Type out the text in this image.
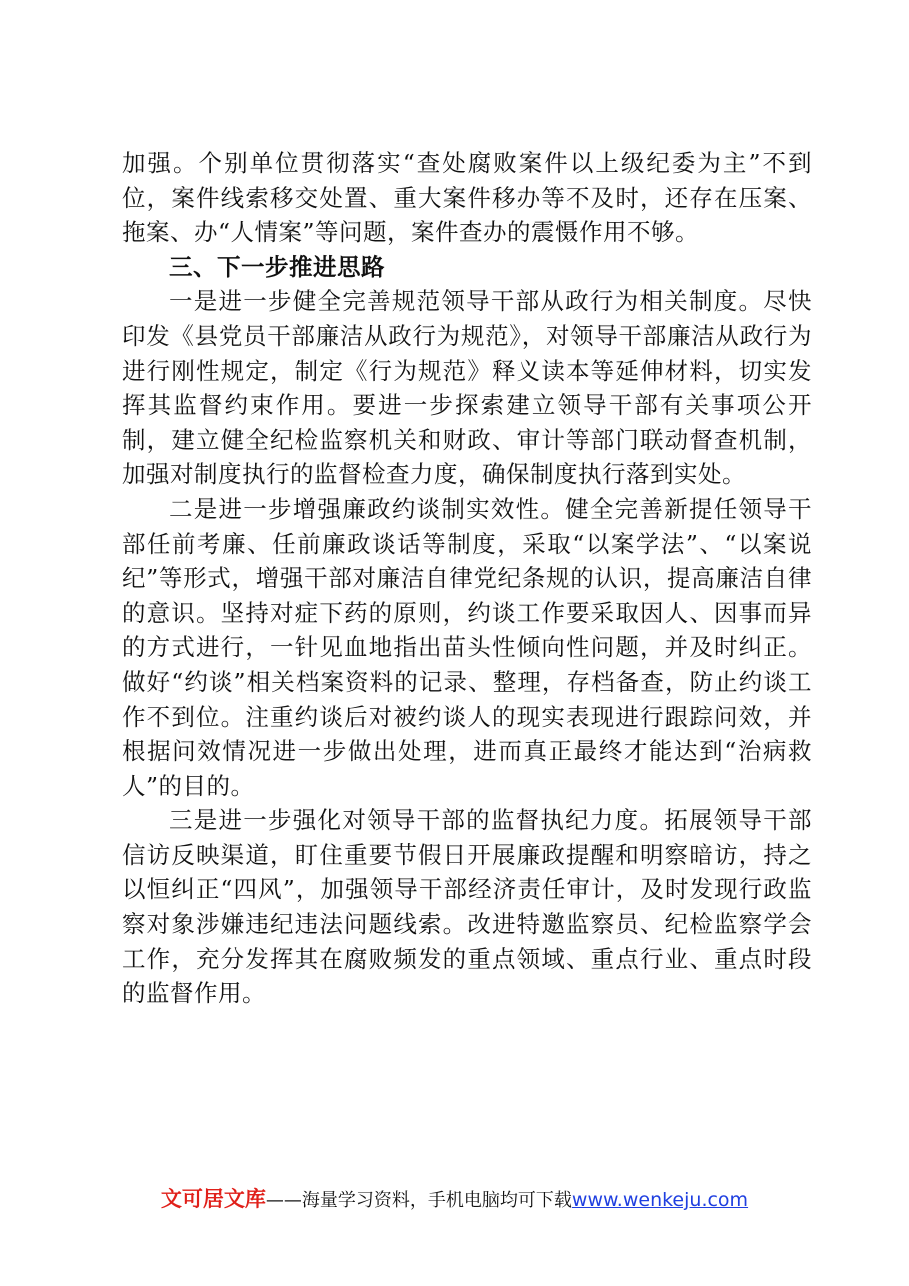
加强。个别单位贯彻落实“查处腐败案件以上级纪委为主”不到位，案件线索移交处置、重大案件移办等不及时，还存在压案、拖案、办“人情案”等问题，案件查办的震慑作用不够。

三、下一步推进思路

一是进一步健全完善规范领导干部从政行为相关制度。尽快印发《县党员干部廉洁从政行为规范》，对领导干部廉洁从政行为进行刚性规定，制定《行为规范》释义读本等延伸材料，切实发挥其监督约束作用。要进一步探索建立领导干部有关事项公开制，建立健全纪检监察机关和财政、审计等部门联动督查机制，加强对制度执行的监督检查力度，确保制度执行落到实处。

二是进一步增强廉政约谈制实效性。健全完善新提任领导干部任前考廉、任前廉政谈话等制度，采取“以案学法”、“以案说纪”等形式，增强干部对廉洁自律党纪条规的认识，提高廉洁自律的意识。坚持对症下药的原则，约谈工作要采取因人、因事而异的方式进行，一针见血地指出苗头性倾向性问题，并及时纠正。做好“约谈”相关档案资料的记录、整理，存档备查，防止约谈工作不到位。注重约谈后对被约谈人的现实表现进行跟踪问效，并根据问效情况进一步做出处理，进而真正最终才能达到“治病救人”的目的。

三是进一步强化对领导干部的监督执纪力度。拓展领导干部信访反映渠道，盯住重要节假日开展廉政提醒和明察暗访，持之以恒纠正“四风”，加强领导干部经济责任审计，及时发现行政监察对象涉嫌违纪违法问题线索。改进特邀监察员、纪检监察学会工作，充分发挥其在腐败频发的重点领域、重点行业、重点时段的监督作用。

文可居文库——海量学习资料，手机电脑均可下载www.wenkeju.com
